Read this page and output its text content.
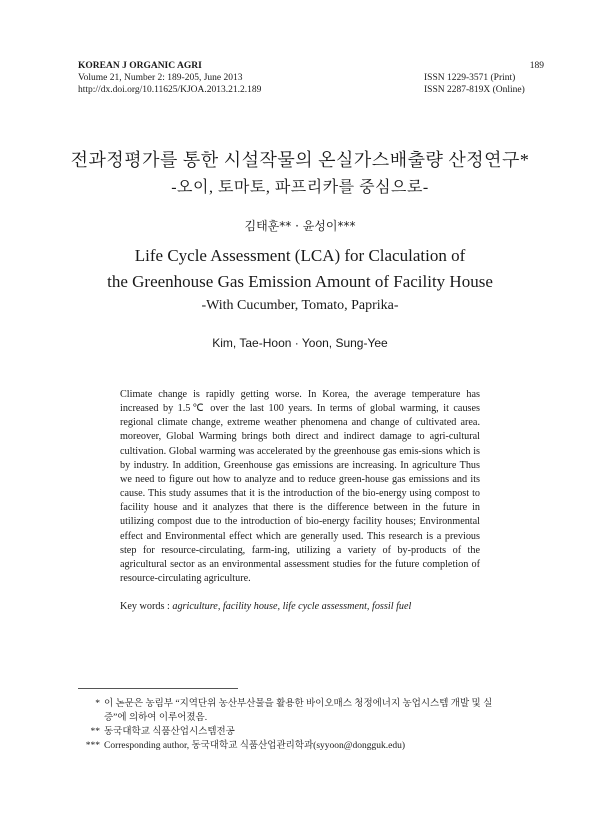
KOREAN J ORGANIC AGRI
Volume 21, Number 2: 189-205, June 2013
http://dx.doi.org/10.11625/KJOA.2013.21.2.189
189
ISSN 1229-3571 (Print)
ISSN 2287-819X (Online)
전과정평가를 통한 시설작물의 온실가스배출량 산정연구*
-오이, 토마토, 파프리카를 중심으로-
김태훈** · 윤성이***
Life Cycle Assessment (LCA) for Claculation of
the Greenhouse Gas Emission Amount of Facility House
-With Cucumber, Tomato, Paprika-
Kim, Tae-Hoon · Yoon, Sung-Yee
Climate change is rapidly getting worse. In Korea, the average temperature has increased by 1.5℃ over the last 100 years. In terms of global warming, it causes regional climate change, extreme weather phenomena and change of cultivated area. moreover, Global Warming brings both direct and indirect damage to agri-cultural cultivation. Global warming was accelerated by the greenhouse gas emis-sions which is by industry. In addition, Greenhouse gas emissions are increasing. In agriculture Thus we need to figure out how to analyze and to reduce green-house gas emissions and its cause. This study assumes that it is the introduction of the bio-energy using compost to facility house and it analyzes that there is the difference between in the future in utilizing compost due to the introduction of bio-energy facility houses; Environmental effect and Environmental effect which are generally used. This research is a previous step for resource-circulating, farm-ing, utilizing a variety of by-products of the agricultural sector as an environmental assessment studies for the future completion of resource-circulating agriculture.
Key words : agriculture, facility house, life cycle assessment, fossil fuel
* 이 논문은 농림부 “지역단위 농산부산물을 활용한 바이오매스 청정에너지 농업시스템 개발 및 실
증”에 의하여 이루어졌음.
** 동국대학교 식품산업시스템전공
*** Corresponding author, 동국대학교 식품산업관리학과(syyoon@dongguk.edu)
